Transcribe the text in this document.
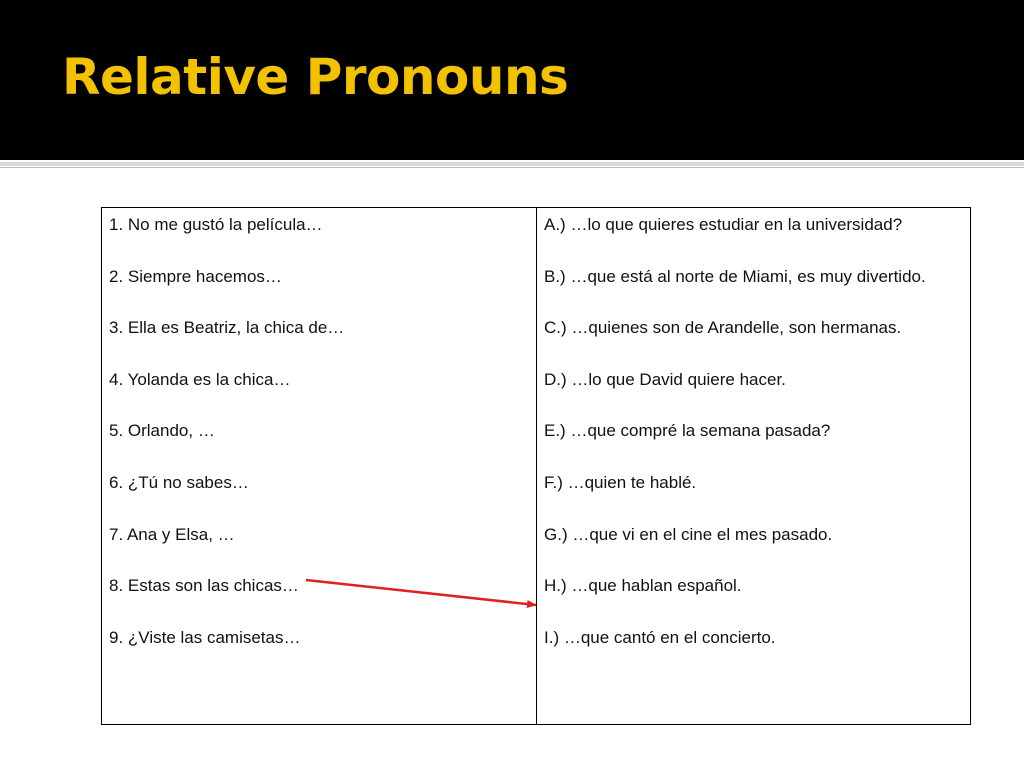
Relative Pronouns
1. No me gustó la película…
2. Siempre hacemos…
3. Ella es Beatriz, la chica de…
4. Yolanda es la chica…
5. Orlando, …
6. ¿Tú no sabes…
7. Ana y Elsa, …
8. Estas son las chicas…
9. ¿Viste las camisetas…
A.) …lo que quieres estudiar en la universidad?
B.) …que está al norte de Miami, es muy divertido.
C.) …quienes son de Arandelle, son hermanas.
D.) …lo que David quiere hacer.
E.) …que compré la semana pasada?
F.) …quien te hablé.
G.) …que vi en el cine el mes pasado.
H.) …que hablan español.
I.) …que cantó en el concierto.
